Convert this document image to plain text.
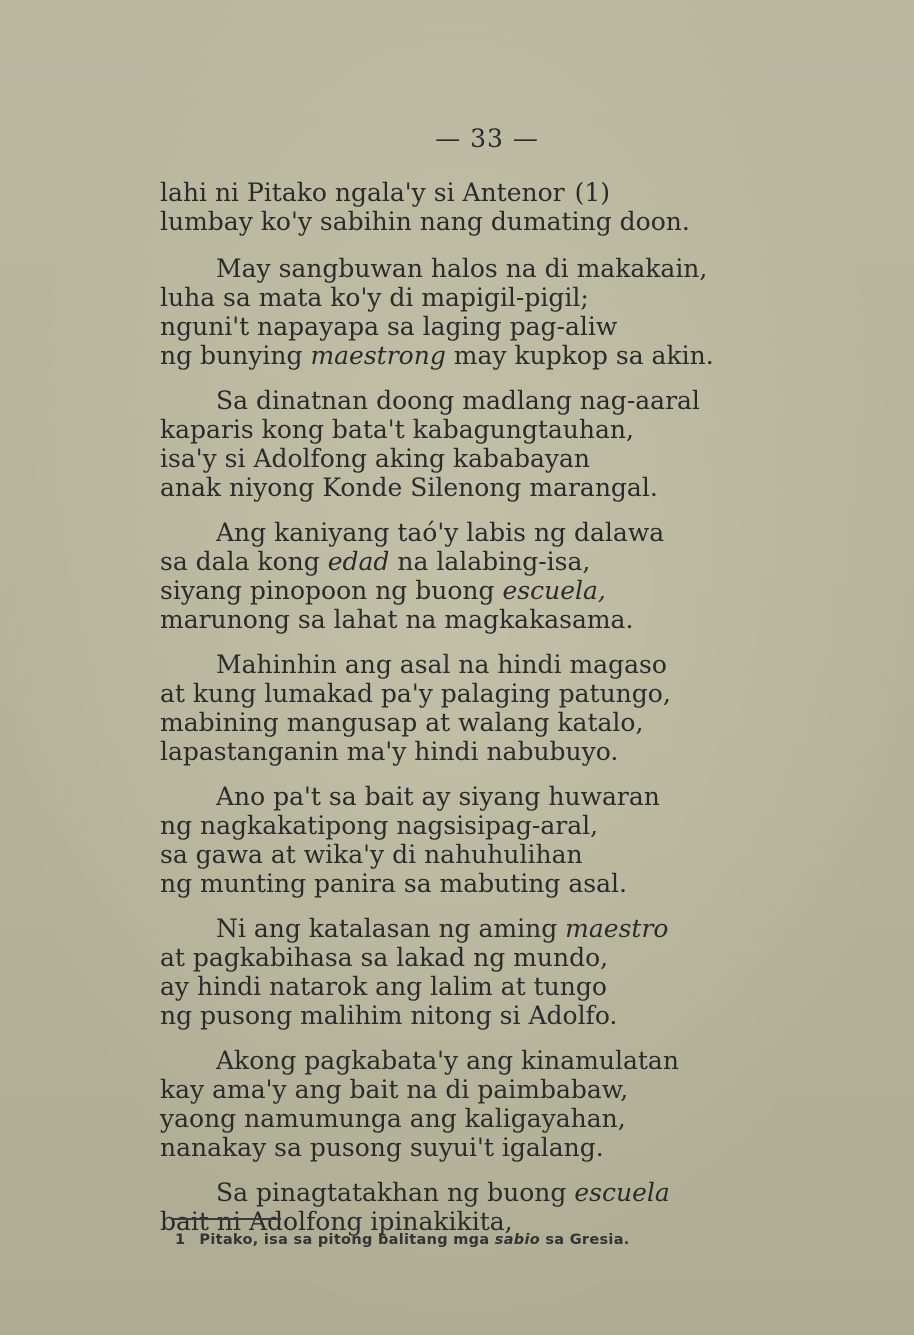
— 33 —
lahi ni Pitako ngala'y si Antenor (1)
lumbay ko'y sabihin nang dumating doon.
May sangbuwan halos na di makakain,
luha sa mata ko'y di mapigil-pigil;
nguni't napayapa sa laging pag-aliw
ng bunying maestrong may kupkop sa akin.
Sa dinatnan doong madlang nag-aaral
kaparis kong bata't kabagungtauhan,
isa'y si Adolfong aking kababayan
anak niyong Konde Silenong marangal.
Ang kaniyang taó'y labis ng dalawa
sa dala kong edad na lalabing-isa,
siyang pinopoon ng buong escuela,
marunong sa lahat na magkakasama.
Mahinhin ang asal na hindi magaso
at kung lumakad pa'y palaging patungo,
mabining mangusap at walang katalo,
lapastanganin ma'y hindi nabubuyo.
Ano pa't sa bait ay siyang huwaran
ng nagkakatipong nagsisipag-aral,
sa gawa at wika'y di nahuhulihan
ng munting panira sa mabuting asal.
Ni ang katalasan ng aming maestro
at pagkabihasa sa lakad ng mundo,
ay hindi natarok ang lalim at tungo
ng pusong malihim nitong si Adolfo.
Akong pagkabata'y ang kinamulatan
kay ama'y ang bait na di paimbabaw,
yaong namumunga ang kaligayahan,
nanakay sa pusong suyui't igalang.
Sa pinagtatakhan ng buong escuela
bait ni Adolfong ipinakikita,
1 Pitako, isa sa pitong balitang mga sabio sa Gresia.
